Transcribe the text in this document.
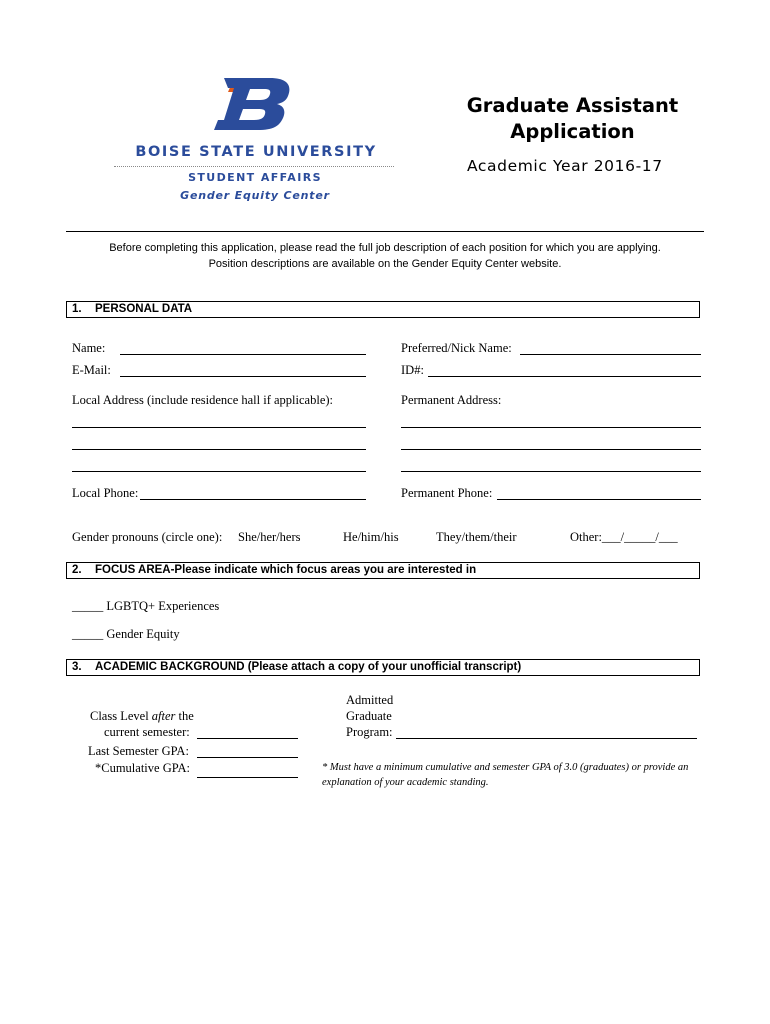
BOISE STATE UNIVERSITY
STUDENT AFFAIRS
Gender Equity Center
Graduate Assistant
Application
Academic Year 2016-17
Before completing this application, please read the full job description of each position for which you are applying.
Position descriptions are available on the Gender Equity Center website.
1. PERSONAL DATA
Name:	Preferred/Nick Name:
E-Mail:	ID#:
Local Address (include residence hall if applicable):	Permanent Address:
Local Phone:	Permanent Phone:
Gender pronouns (circle one): She/her/hers	He/him/his	They/them/their	Other:___/_____/___
2. FOCUS AREA-Please indicate which focus areas you are interested in
_____ LGBTQ+ Experiences
_____ Gender Equity
3. ACADEMIC BACKGROUND (Please attach a copy of your unofficial transcript)
Class Level after the
current semester:
Last Semester GPA:
*Cumulative GPA:
Admitted
Graduate
Program:
* Must have a minimum cumulative and semester GPA of 3.0 (graduates) or provide an
explanation of your academic standing.
